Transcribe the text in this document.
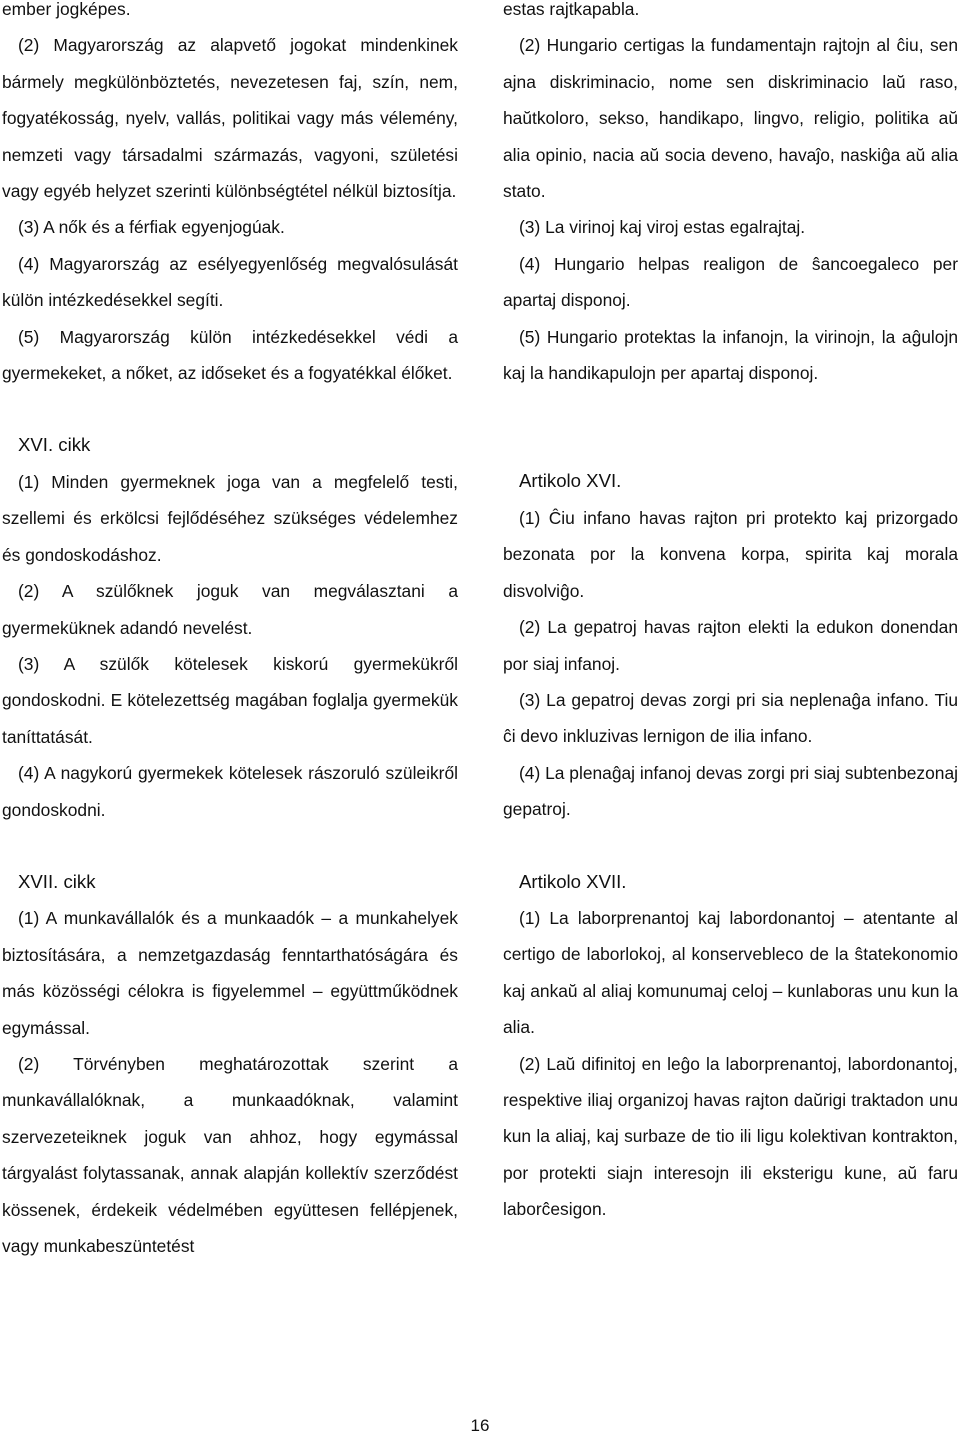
ember jogképes.

(2) Magyarország az alapvető jogokat mindenkinek bármely megkülönböztetés, nevezetesen faj, szín, nem, fogyatékosság, nyelv, vallás, politikai vagy más vélemény, nemzeti vagy társadalmi származás, vagyoni, születési vagy egyéb helyzet szerinti különbségtétel nélkül biztosítja.

(3) A nők és a férfiak egyenjogúak.

(4) Magyarország az esélyegyenlőség megvalósulását külön intézkedésekkel segíti.

(5) Magyarország külön intézkedésekkel védi a gyermekeket, a nőket, az időseket és a fogyatékkal élőket.

XVI. cikk

(1) Minden gyermeknek joga van a megfelelő testi, szellemi és erkölcsi fejlődéséhez szükséges védelemhez és gondoskodáshoz.

(2) A szülőknek joguk van megválasztani a gyermeküknek adandó nevelést.

(3) A szülők kötelesek kiskorú gyermekükről gondoskodni. E kötelezettség magában foglalja gyermekük taníttatását.

(4) A nagykorú gyermekek kötelesek rászoruló szüleikről gondoskodni.

XVII. cikk

(1) A munkavállalók és a munkaadók – a munkahelyek biztosítására, a nemzetgazdaság fenntarthatóságára és más közösségi célokra is figyelemmel – együttműködnek egymással.

(2) Törvényben meghatározottak szerint a munkavállalóknak, a munkaadóknak, valamint szervezeteiknek joguk van ahhoz, hogy egymással tárgyalást folytassanak, annak alapján kollektív szerződést kössenek, érdekeik védelmében együttesen fellépjenek, vagy munkabeszüntetést

estas rajtkapabla.

(2) Hungario certigas la fundamentajn rajtojn al ĉiu, sen ajna diskriminacio, nome sen diskriminacio laŭ raso, haŭtkoloro, sekso, handikapo, lingvo, religio, politika aŭ alia opinio, nacia aŭ socia deveno, havaĵo, naskiĝa aŭ alia stato.

(3) La virinoj kaj viroj estas egalrajtaj.

(4) Hungario helpas realigon de ŝancoegaleco per apartaj disponoj.

(5) Hungario protektas la infanojn, la virinojn, la aĝulojn kaj la handikapulojn per apartaj disponoj.

Artikolo XVI.

(1) Ĉiu infano havas rajton pri protekto kaj prizorgado bezonata por la konvena korpa, spirita kaj morala disvolviĝo.

(2) La gepatroj havas rajton elekti la edukon donendan por siaj infanoj.

(3) La gepatroj devas zorgi pri sia neplenaĝa infano. Tiu ĉi devo inkluzivas lernigon de ilia infano.

(4) La plenaĝaj infanoj devas zorgi pri siaj subtenbezonaj gepatroj.

Artikolo XVII.

(1) La laborprenantoj kaj labordonantoj – atentante al certigo de laborlokoj, al konservebleco de la ŝtatekonomio kaj ankaŭ al aliaj komunumaj celoj – kunlaboras unu kun la alia.

(2) Laŭ difinitoj en leĝo la laborprenantoj, labordonantoj, respektive iliaj organizoj havas rajton daŭrigi traktadon unu kun la aliaj, kaj surbaze de tio ili ligu kolektivan kontrakton, por protekti siajn interesojn ili eksterigu kune, aŭ faru laborĉesigon.

16
